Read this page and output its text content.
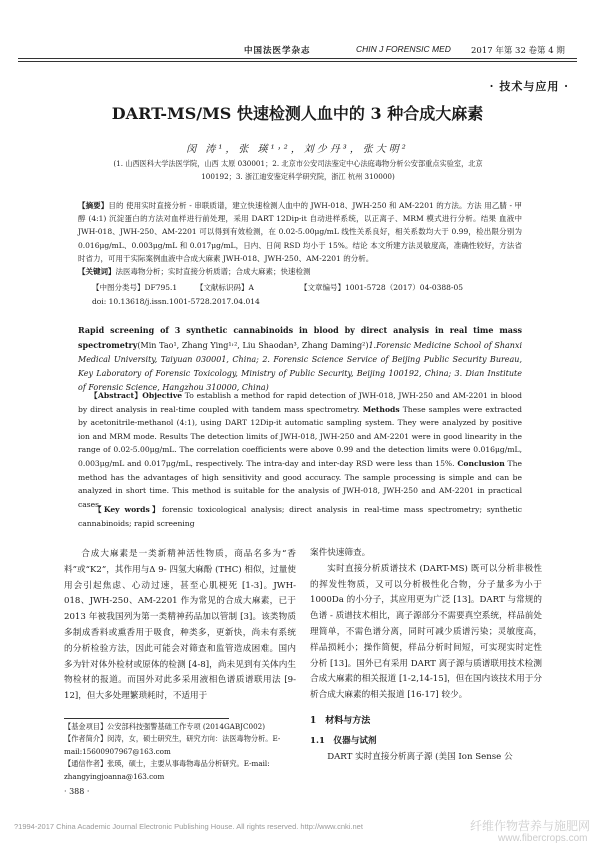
中国法医学杂志	CHIN J FORENSIC MED 2017 年第 32 卷第 4 期
· 技术与应用 ·
DART-MS/MS 快速检测人血中的 3 种合成大麻素
闵 涛¹，张 瑛¹˒²，刘少丹³，张大明²
(1. 山西医科大学法医学院，山西 太原 030001；2. 北京市公安司法鉴定中心法庭毒物分析公安部重点实验室，北京
100192；3. 浙江迪安鉴定科学研究院，浙江 杭州 310000)
【摘要】目的 使用实时直接分析 - 串联质谱，建立快速检测人血中的 JWH-018、JWH-250 和 AM-2201 的方法。方法 用乙腈 - 甲醇 (4:1) 沉淀蛋白的方法对血样进行前处理，采用 DART 12Dip-it 自动进样系统，以正离子、MRM 模式进行分析。结果 血液中 JWH-018、JWH-250、AM-2201 可以得到有效检测，在 0.02-5.00μg/mL 线性关系良好，相关系数均大于 0.99，检出限分别为 0.016μg/mL、0.003μg/mL 和 0.017μg/mL，日内、日间 RSD 均小于 15%。结论 本文所建方法灵敏度高，准确性较好，方法省时省力，可用于实际案例血液中合成大麻素 JWH-018、JWH-250、AM-2201 的分析。
【关键词】法医毒物分析；实时直接分析质谱；合成大麻素；快速检测
【中图分类号】DF795.1	【文献标识码】A	【文章编号】1001-5728（2017）04-0388-05
doi: 10.13618/j.issn.1001-5728.2017.04.014
Rapid screening of 3 synthetic cannabinoids in blood by direct analysis in real time mass spectrometry(Min Tao¹, Zhang Ying¹˒², Liu Shaodan³, Zhang Daming²)1.Forensic Medicine School of Shanxi Medical University, Taiyuan 030001, China; 2. Forensic Science Service of Beijing Public Security Bureau, Key Laboratory of Forensic Toxicology, Ministry of Public Security, Beijing 100192, China; 3. Dian Institute of Forensic Science, Hangzhou 310000, China)
　　【Abstract】Objective To establish a method for rapid detection of JWH-018, JWH-250 and AM-2201 in blood by direct analysis in real-time coupled with tandem mass spectrometry. Methods These samples were extracted by acetonitrile-methanol (4:1), using DART 12Dip-it automatic sampling system. They were analyzed by positive ion and MRM mode. Results The detection limits of JWH-018, JWH-250 and AM-2201 were in good linearity in the range of 0.02-5.00μg/mL. The correlation coefficients were above 0.99 and the detection limits were 0.016μg/mL, 0.003μg/mL and 0.017μg/mL, respectively. The intra-day and inter-day RSD were less than 15%. Conclusion The method has the advantages of high sensitivity and good accuracy. The sample processing is simple and can be analyzed in short time. This method is suitable for the analysis of JWH-018, JWH-250 and AM-2201 in practical cases.
　　【Key words】forensic toxicological analysis; direct analysis in real-time mass spectrometry; synthetic cannabinoids; rapid screening

合成大麻素是一类新精神活性物质，商品名多为“香料”或“K2”，其作用与Δ 9- 四氢大麻酚 (THC) 相似，过量使用会引起焦虑、心动过速，甚至心肌梗死 [1-3]。JWH-018、JWH-250、AM-2201 作为常见的合成大麻素，已于 2013 年被我国列为第一类精神药品加以管制 [3]。该类物质多制成香料或熏香用于吸食，种类多，更新快，尚未有系统的分析检验方法，因此可能会对筛查和监管造成困难。国内多为针对体外检材或原体的检测 [4-8]，尚未见到有关体内生物检材的报道。而国外对此多采用液相色谱质谱联用法 [9-12]，但大多处理繁琐耗时，不适用于

案件快速筛查。

实时直接分析质谱技术 (DART-MS) 既可以分析非极性的挥发性物质，又可以分析极性化合物，分子量多为小于 1000Da 的小分子，其应用更为广泛 [13]。DART 与常规的色谱 - 质谱技术相比，离子源部分不需要真空系统，样品前处理简单，不需色谱分离，同时可减少质谱污染；灵敏度高，样品损耗小；操作简便，样品分析时间短，可实现实时定性分析 [13]。国外已有采用 DART 离子源与质谱联用技术检测合成大麻素的相关报道 [1-2,14-15]，但在国内该技术用于分析合成大麻素的相关报道 [16-17] 较少。

1　材料与方法
1.1　仪器与试剂

DART 实时直接分析离子源 (美国 Ion Sense 公

【基金项目】公安部科技强警基础工作专项 (2014GABJC002)
【作者简介】闵涛，女，硕士研究生，研究方向：法医毒物分析。E-mail:15600907967@163.com
【通信作者】张瑛，硕士，主要从事毒物毒品分析研究。E-mail: zhangyingjoanna@163.com
· 388 ·
?1994-2017 China Academic Journal Electronic Publishing House. All rights reserved. http://www.cnki.net	纤维作物营养与施肥网
www.fibercrops.com
